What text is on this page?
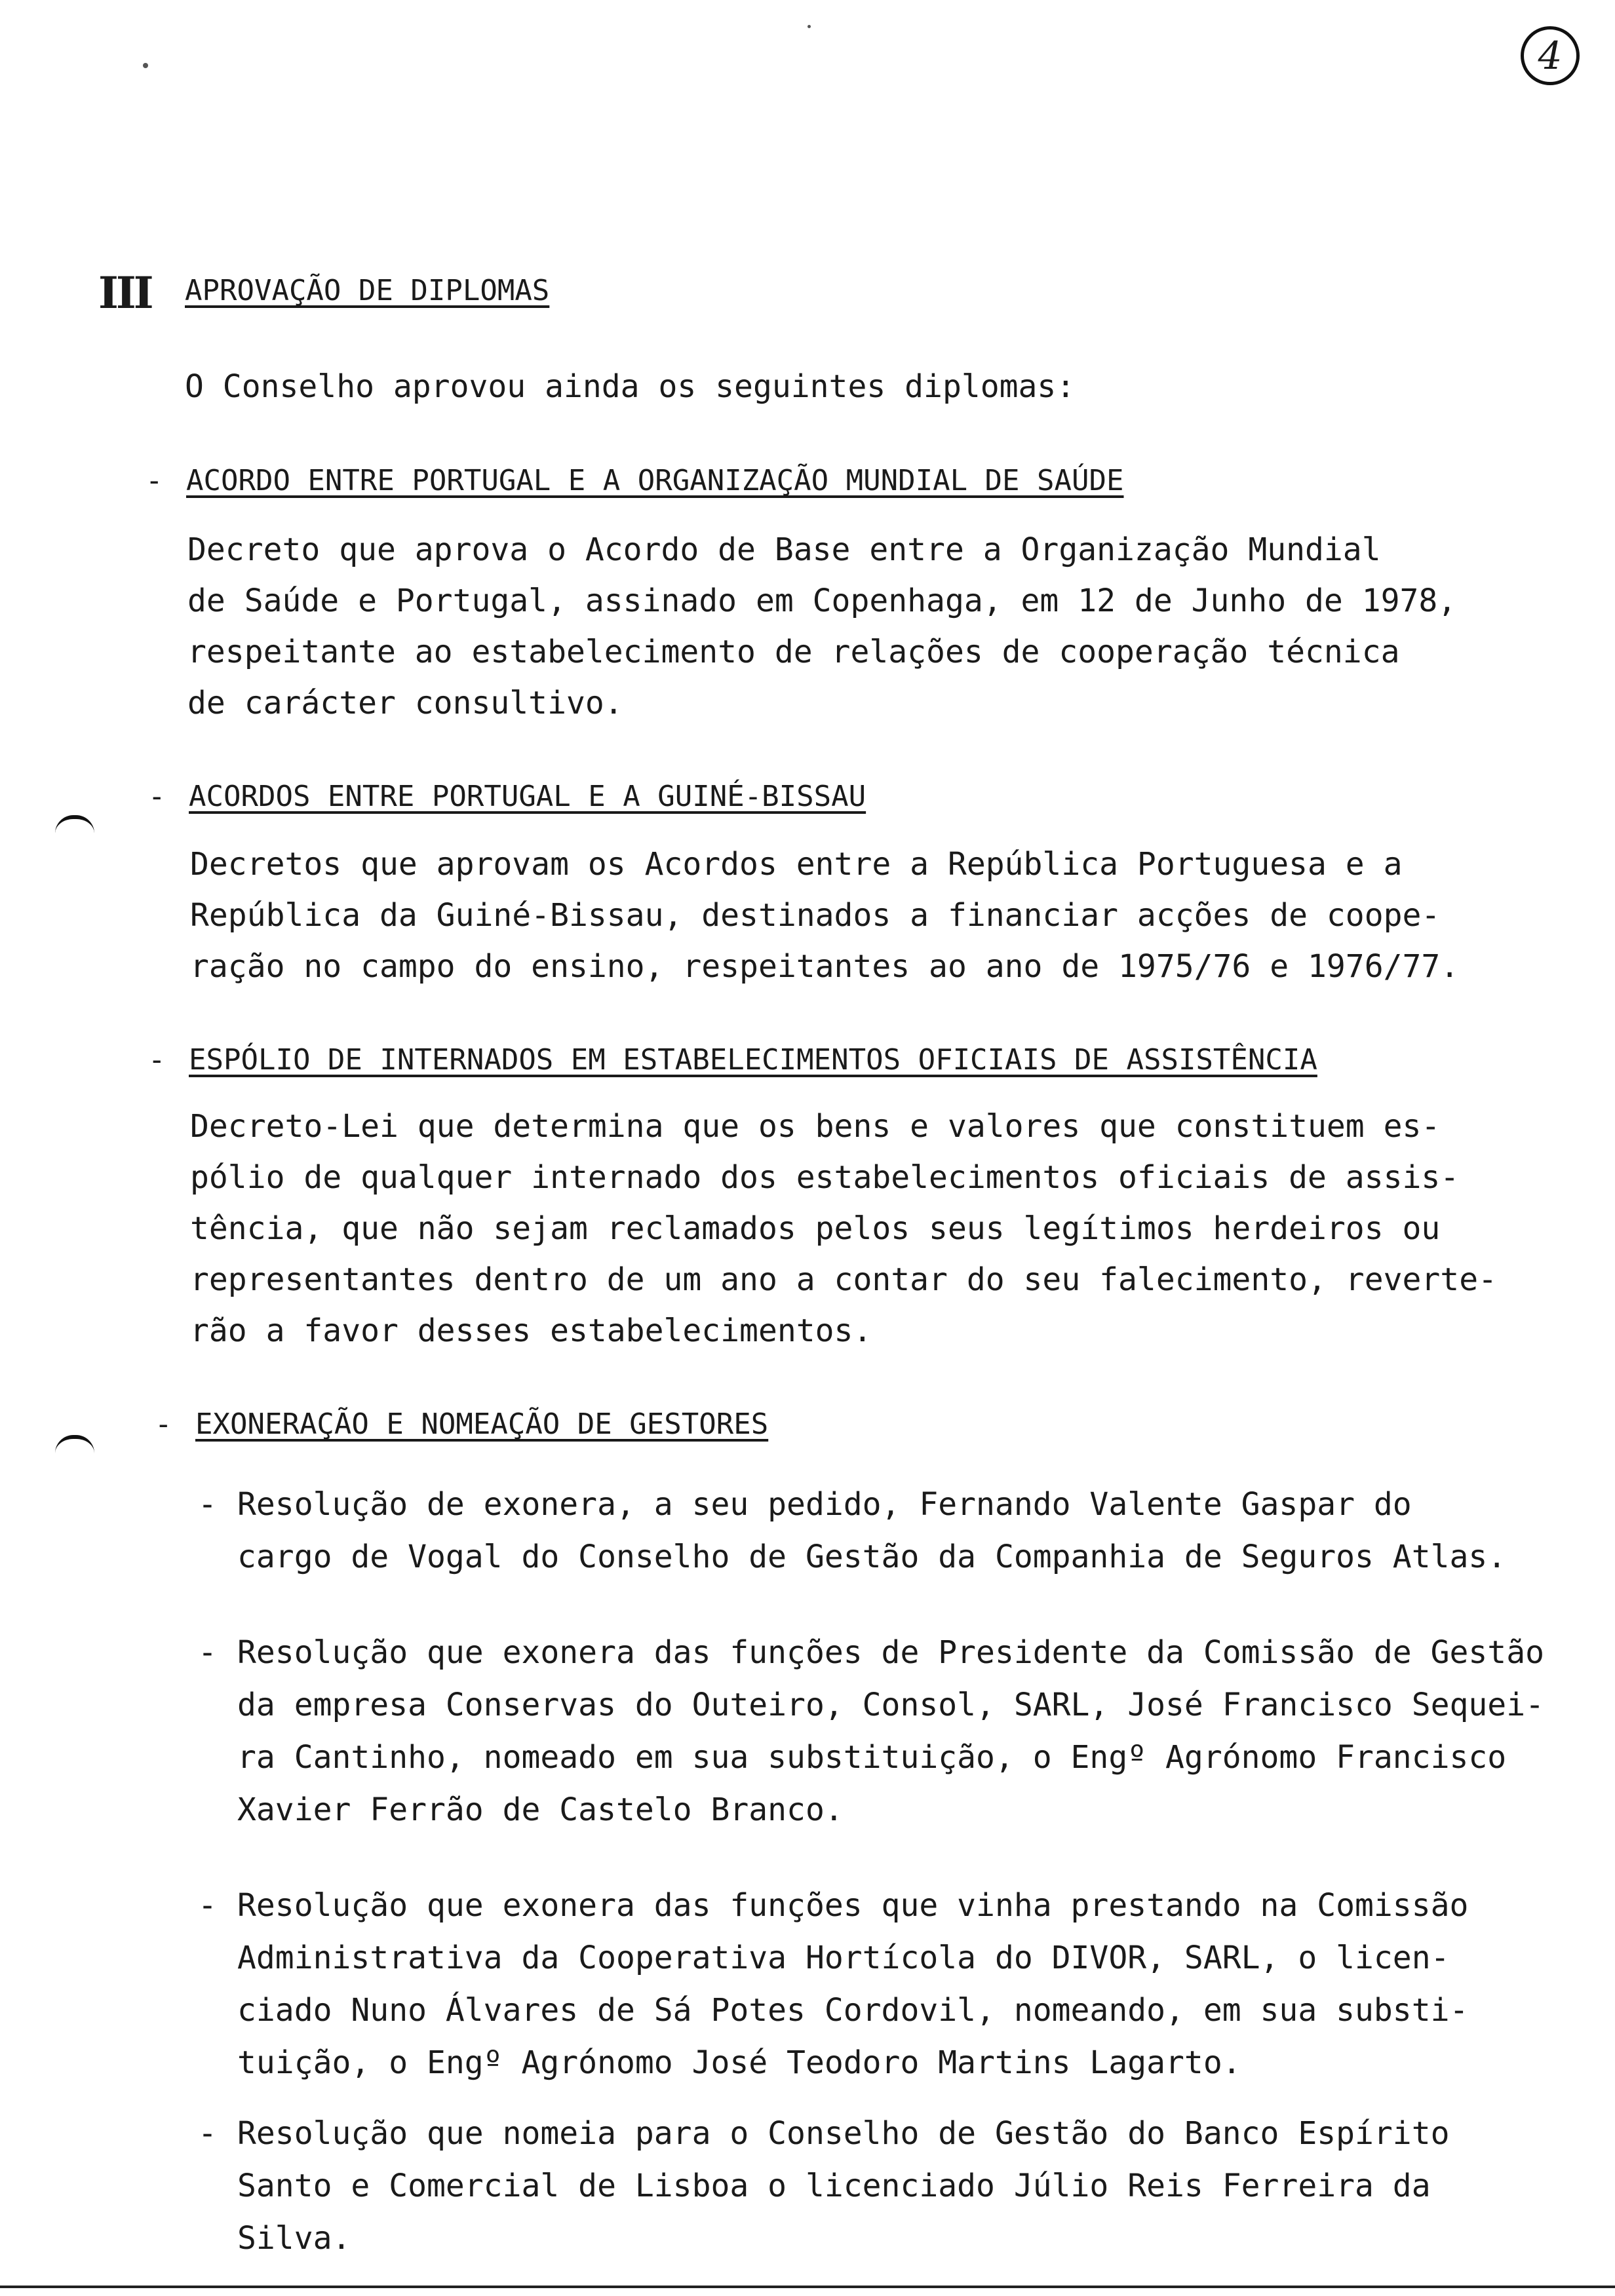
4
III APROVAÇÃO DE DIPLOMAS
O Conselho aprovou ainda os seguintes diplomas:
- ACORDO ENTRE PORTUGAL E A ORGANIZAÇÃO MUNDIAL DE SAÚDE
Decreto que aprova o Acordo de Base entre a Organização Mundial
de Saúde e Portugal, assinado em Copenhaga, em 12 de Junho de 1978,
respeitante ao estabelecimento de relações de cooperação técnica
de carácter consultivo.
- ACORDOS ENTRE PORTUGAL E A GUINÉ-BISSAU
Decretos que aprovam os Acordos entre a República Portuguesa e a
República da Guiné-Bissau, destinados a financiar acções de coope-
ração no campo do ensino, respeitantes ao ano de 1975/76 e 1976/77.
- ESPÓLIO DE INTERNADOS EM ESTABELECIMENTOS OFICIAIS DE ASSISTÊNCIA
Decreto-Lei que determina que os bens e valores que constituem es-
pólio de qualquer internado dos estabelecimentos oficiais de assis-
tência, que não sejam reclamados pelos seus legítimos herdeiros ou
representantes dentro de um ano a contar do seu falecimento, reverte-
rão a favor desses estabelecimentos.
- EXONERAÇÃO E NOMEAÇÃO DE GESTORES
- Resolução de exonera, a seu pedido, Fernando Valente Gaspar do
cargo de Vogal do Conselho de Gestão da Companhia de Seguros Atlas.
- Resolução que exonera das funções de Presidente da Comissão de Gestão
da empresa Conservas do Outeiro, Consol, SARL, José Francisco Sequei-
ra Cantinho, nomeado em sua substituição, o Engº Agrónomo Francisco
Xavier Ferrão de Castelo Branco.
- Resolução que exonera das funções que vinha prestando na Comissão
Administrativa da Cooperativa Hortícola do DIVOR, SARL, o licen-
ciado Nuno Álvares de Sá Potes Cordovil, nomeando, em sua substi-
tuição, o Engº Agrónomo José Teodoro Martins Lagarto.
- Resolução que nomeia para o Conselho de Gestão do Banco Espírito
Santo e Comercial de Lisboa o licenciado Júlio Reis Ferreira da
Silva.
